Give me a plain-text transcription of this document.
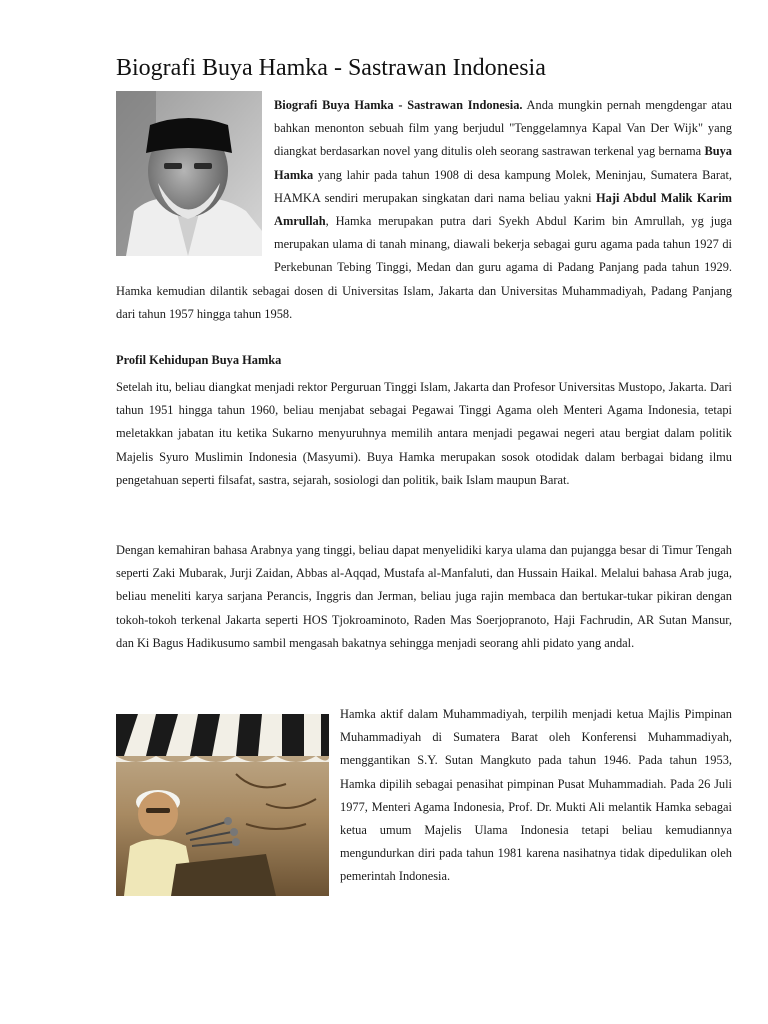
Biografi Buya Hamka - Sastrawan Indonesia

Biografi Buya Hamka - Sastrawan Indonesia. Anda mungkin pernah mengdengar atau bahkan menonton sebuah film yang berjudul "Tenggelamnya Kapal Van Der Wijk" yang diangkat berdasarkan novel yang ditulis oleh seorang sastrawan terkenal yag bernama Buya Hamka yang lahir pada tahun 1908 di desa kampung Molek, Meninjau, Sumatera Barat, HAMKA sendiri merupakan singkatan dari nama beliau yakni Haji Abdul Malik Karim Amrullah, Hamka merupakan putra dari Syekh Abdul Karim bin Amrullah, yg juga merupakan ulama di tanah minang, diawali bekerja sebagai guru agama pada tahun 1927 di Perkebunan Tebing Tinggi, Medan dan guru agama di Padang Panjang pada tahun 1929. Hamka kemudian dilantik sebagai dosen di Universitas Islam, Jakarta dan Universitas Muhammadiyah, Padang Panjang dari tahun 1957 hingga tahun 1958.

Profil Kehidupan Buya Hamka

Setelah itu, beliau diangkat menjadi rektor Perguruan Tinggi Islam, Jakarta dan Profesor Universitas Mustopo, Jakarta. Dari tahun 1951 hingga tahun 1960, beliau menjabat sebagai Pegawai Tinggi Agama oleh Menteri Agama Indonesia, tetapi meletakkan jabatan itu ketika Sukarno menyuruhnya memilih antara menjadi pegawai negeri atau bergiat dalam politik Majelis Syuro Muslimin Indonesia (Masyumi). Buya Hamka merupakan sosok otodidak dalam berbagai bidang ilmu pengetahuan seperti filsafat, sastra, sejarah, sosiologi dan politik, baik Islam maupun Barat.

Dengan kemahiran bahasa Arabnya yang tinggi, beliau dapat menyelidiki karya ulama dan pujangga besar di Timur Tengah seperti Zaki Mubarak, Jurji Zaidan, Abbas al-Aqqad, Mustafa al-Manfaluti, dan Hussain Haikal. Melalui bahasa Arab juga, beliau meneliti karya sarjana Perancis, Inggris dan Jerman, beliau juga rajin membaca dan bertukar-tukar pikiran dengan tokoh-tokoh terkenal Jakarta seperti HOS Tjokroaminoto, Raden Mas Soerjopranoto, Haji Fachrudin, AR Sutan Mansur, dan Ki Bagus Hadikusumo sambil mengasah bakatnya sehingga menjadi seorang ahli pidato yang andal.

Hamka aktif dalam Muhammadiyah, terpilih menjadi ketua Majlis Pimpinan Muhammadiyah di Sumatera Barat oleh Konferensi Muhammadiyah, menggantikan S.Y. Sutan Mangkuto pada tahun 1946. Pada tahun 1953, Hamka dipilih sebagai penasihat pimpinan Pusat Muhammadiah. Pada 26 Juli 1977, Menteri Agama Indonesia, Prof. Dr. Mukti Ali melantik Hamka sebagai ketua umum Majelis Ulama Indonesia tetapi beliau kemudiannya mengundurkan diri pada tahun 1981 karena nasihatnya tidak dipedulikan oleh pemerintah Indonesia.
